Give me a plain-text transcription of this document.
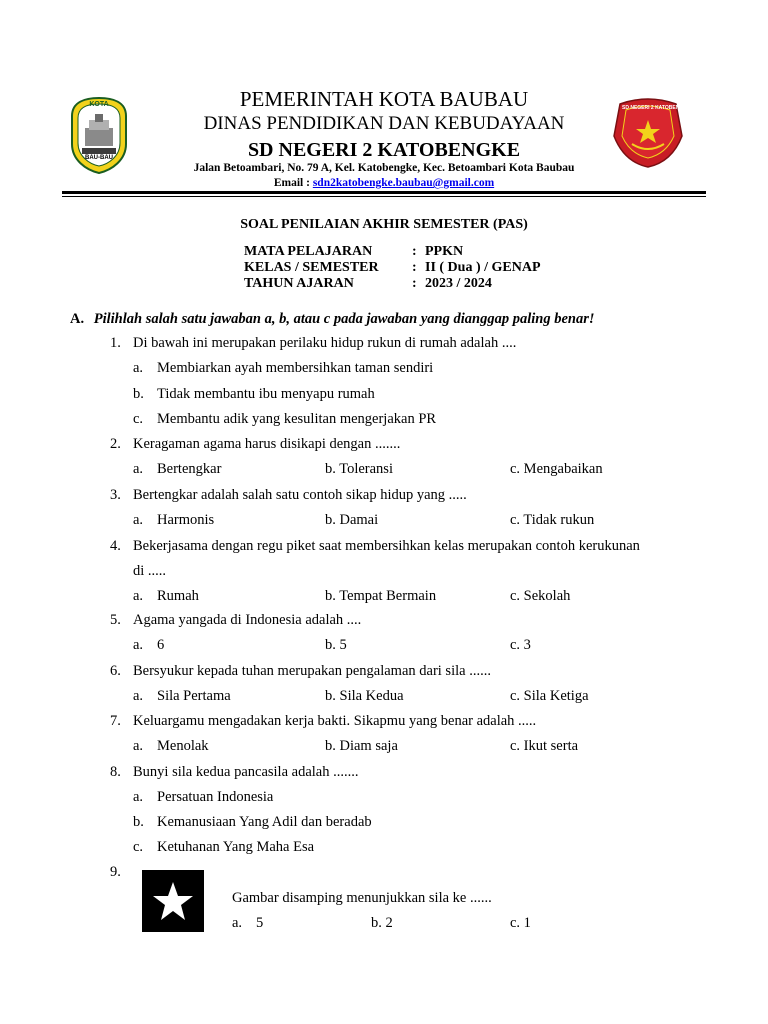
KOTA
BAU-BAU
SD NEGERI 2 KATOBENGKE
PEMERINTAH KOTA BAUBAU
DINAS PENDIDIKAN DAN KEBUDAYAAN
SD NEGERI 2 KATOBENGKE
Jalan Betoambari, No. 79 A, Kel. Katobengke, Kec. Betoambari Kota Baubau
Email : sdn2katobengke.baubau@gmail.com
SOAL PENILAIAN AKHIR SEMESTER (PAS)
MATA PELAJARAN	: PPKN
KELAS / SEMESTER : II ( Dua ) / GENAP
TAHUN AJARAN	: 2023 / 2024
A. Pilihlah salah satu jawaban a, b, atau c pada jawaban yang dianggap paling benar!
1. Di bawah ini merupakan perilaku hidup rukun di rumah adalah ....
a. Membiarkan ayah membersihkan taman sendiri
b. Tidak membantu ibu menyapu rumah
c. Membantu adik yang kesulitan mengerjakan PR
2. Keragaman agama harus disikapi dengan .......
a. Bertengkar	b. Toleransi	c. Mengabaikan
3. Bertengkar adalah salah satu contoh sikap hidup yang .....
a. Harmonis	b. Damai	c. Tidak rukun
4. Bekerjasama dengan regu piket saat membersihkan kelas merupakan contoh kerukunan
di .....
a. Rumah	b. Tempat Bermain	c. Sekolah
5. Agama yangada di Indonesia adalah ....
a. 6	b. 5	c. 3
6. Bersyukur kepada tuhan merupakan pengalaman dari sila ......
a. Sila Pertama	b. Sila Kedua	c. Sila Ketiga
7. Keluargamu mengadakan kerja bakti. Sikapmu yang benar adalah .....
a. Menolak	b. Diam saja	c. Ikut serta
8. Bunyi sila kedua pancasila adalah .......
a. Persatuan Indonesia
b. Kemanusiaan Yang Adil dan beradab
c. Ketuhanan Yang Maha Esa
9.
Gambar disamping menunjukkan sila ke ......
a. 5	b. 2	c. 1
